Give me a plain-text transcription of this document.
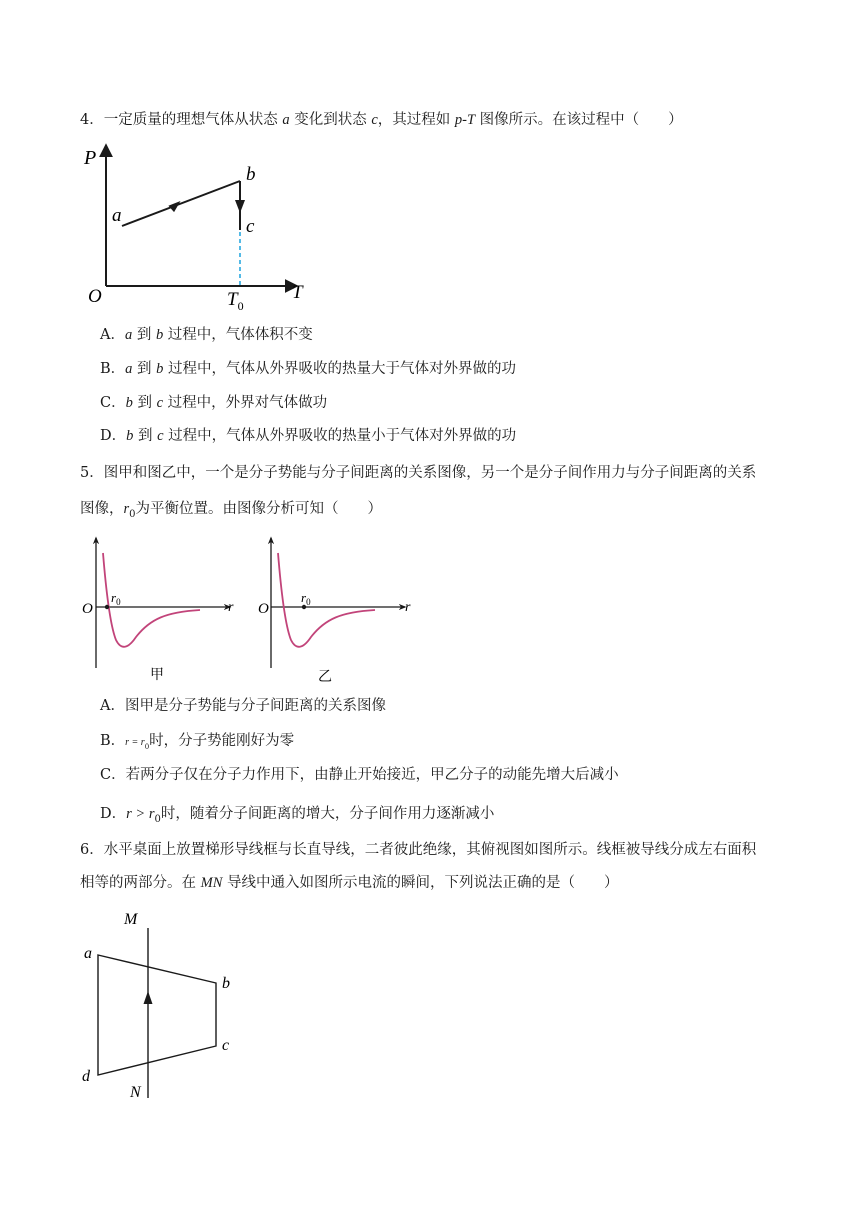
4．一定质量的理想气体从状态 a 变化到状态 c，其过程如 p-T 图像所示。在该过程中（　　）
P
O	T
a
b
c
$T_0$
A．a 到 b 过程中，气体体积不变
B．a 到 b 过程中，气体从外界吸收的热量大于气体对外界做的功
C．b 到 c 过程中，外界对气体做功
D．b 到 c 过程中，气体从外界吸收的热量小于气体对外界做的功
5．图甲和图乙中，一个是分子势能与分子间距离的关系图像，另一个是分子间作用力与分子间距离的关系
图像，$r_0$为平衡位置。由图像分析可知（　　）
O
$r_0$	r
甲
O
$r_0$	r
乙
A．图甲是分子势能与分子间距离的关系图像
B．$r = r_0$时，分子势能刚好为零
C．若两分子仅在分子力作用下，由静止开始接近，甲乙分子的动能先增大后减小
D．$r > r_0$时，随着分子间距离的增大，分子间作用力逐渐减小
6．水平桌面上放置梯形导线框与长直导线，二者彼此绝缘，其俯视图如图所示。线框被导线分成左右面积
相等的两部分。在 MN 导线中通入如图所示电流的瞬间，下列说法正确的是（　　）
M
N
a
b
c
d
